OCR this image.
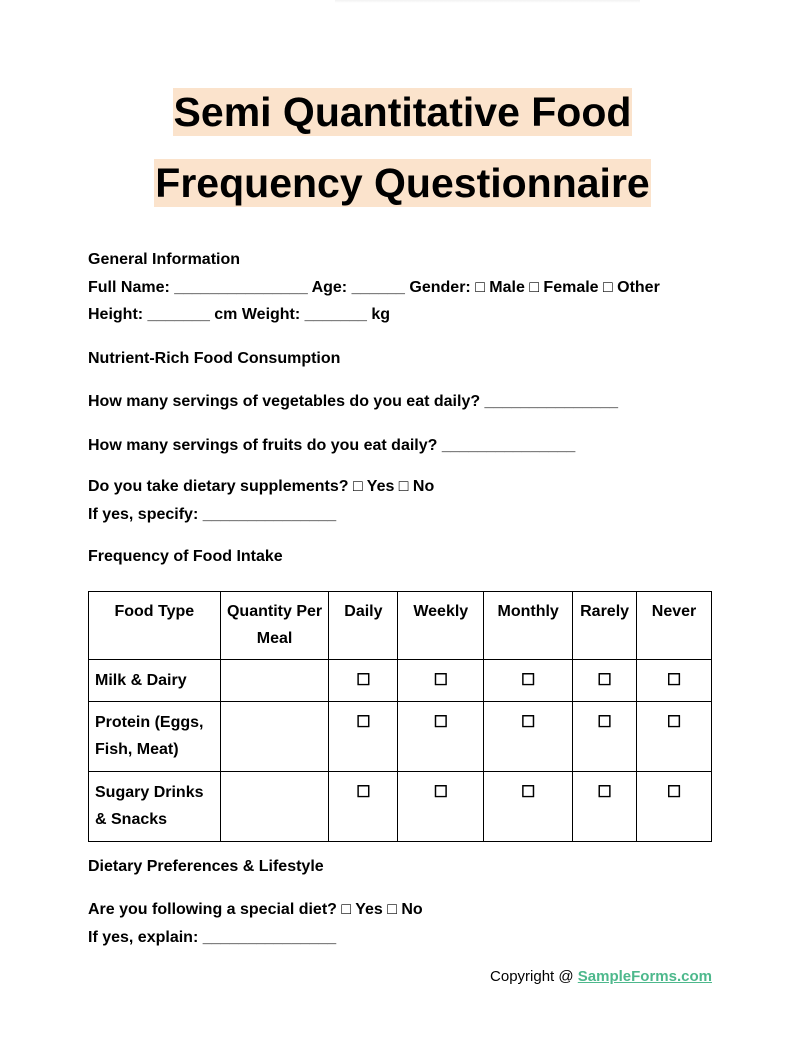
Semi Quantitative Food
Frequency Questionnaire

General Information

Full Name: _______________ Age: ______ Gender: □ Male □ Female □ Other

Height: _______ cm Weight: _______ kg

Nutrient-Rich Food Consumption

How many servings of vegetables do you eat daily? _______________

How many servings of fruits do you eat daily? _______________

Do you take dietary supplements? □ Yes □ No

If yes, specify: _______________

Frequency of Food Intake

Food Type	Quantity Per Meal	Daily	Weekly	Monthly	Rarely	Never
Milk & Dairy		☐	☐	☐	☐	☐
Protein (Eggs, Fish, Meat)		☐	☐	☐	☐	☐
Sugary Drinks & Snacks		☐	☐	☐	☐	☐

Dietary Preferences & Lifestyle

Are you following a special diet? □ Yes □ No

If yes, explain: _______________

Copyright @ SampleForms.com
